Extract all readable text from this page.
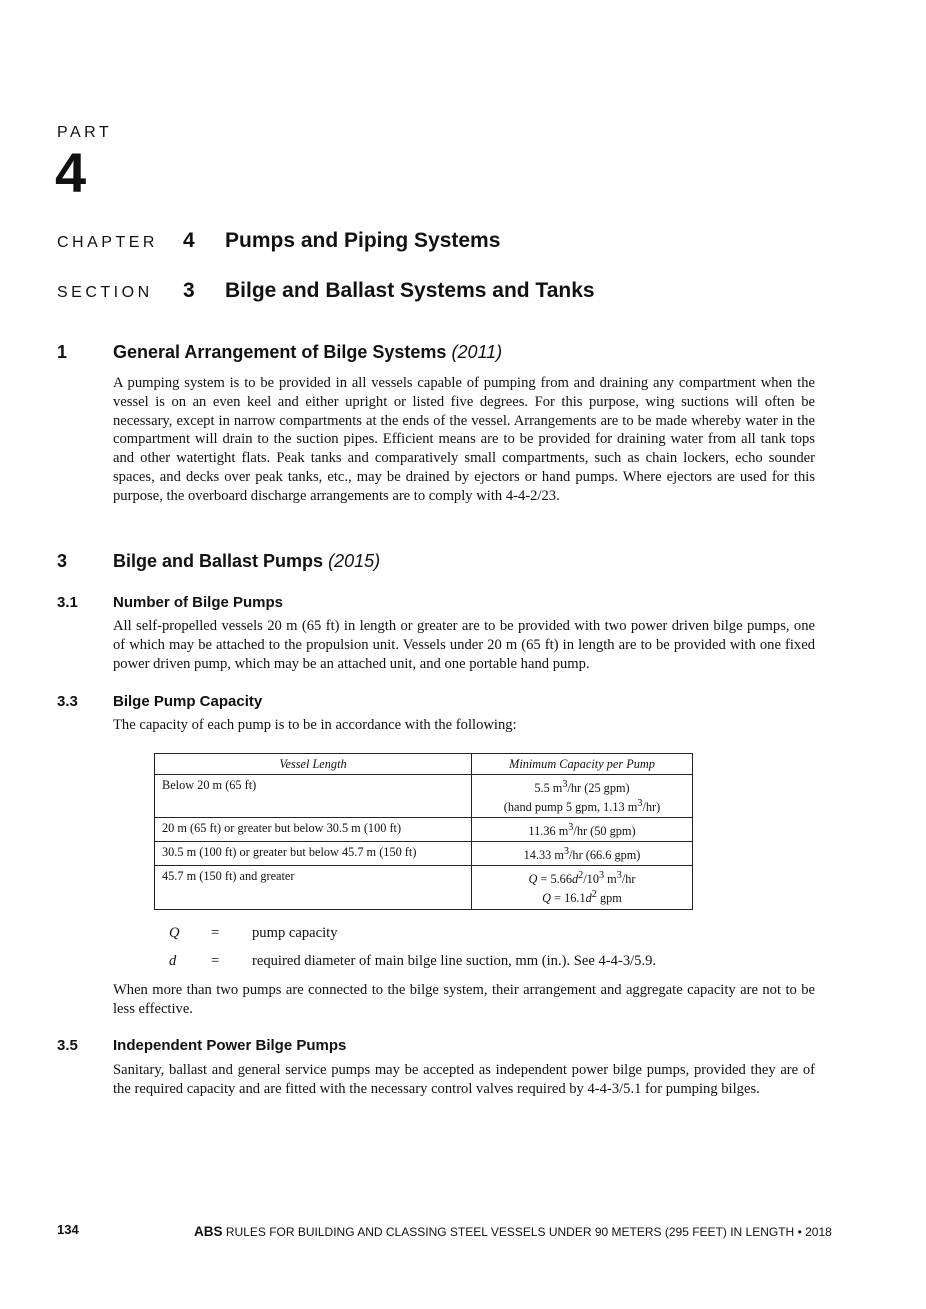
PART
4
CHAPTER 4 Pumps and Piping Systems
SECTION 3 Bilge and Ballast Systems and Tanks
1	General Arrangement of Bilge Systems (2011)
A pumping system is to be provided in all vessels capable of pumping from and draining any compartment when the vessel is on an even keel and either upright or listed five degrees. For this purpose, wing suctions will often be necessary, except in narrow compartments at the ends of the vessel. Arrangements are to be made whereby water in the compartment will drain to the suction pipes. Efficient means are to be provided for draining water from all tank tops and other watertight flats. Peak tanks and comparatively small compartments, such as chain lockers, echo sounder spaces, and decks over peak tanks, etc., may be drained by ejectors or hand pumps. Where ejectors are used for this purpose, the overboard discharge arrangements are to comply with 4-4-2/23.
3	Bilge and Ballast Pumps (2015)
3.1 Number of Bilge Pumps
All self-propelled vessels 20 m (65 ft) in length or greater are to be provided with two power driven bilge pumps, one of which may be attached to the propulsion unit. Vessels under 20 m (65 ft) in length are to be provided with one fixed power driven pump, which may be an attached unit, and one portable hand pump.
3.3 Bilge Pump Capacity
The capacity of each pump is to be in accordance with the following:
Vessel Length	Minimum Capacity per Pump
Below 20 m (65 ft)	5.5 $m^3/hr$ (25 gpm)
(hand pump 5 gpm, 1.13 $m^3/hr$)
20 m (65 ft) or greater but below 30.5 m (100 ft)	11.36 $m^3/hr$ (50 gpm)
30.5 m (100 ft) or greater but below 45.7 m (150 ft)	14.33 $m^3/hr$ (66.6 gpm)
45.7 m (150 ft) and greater	$Q = 5.66d^2/10^3$ $m^3/hr$
$Q = 16.1d^2$ gpm
Q = pump capacity
d = required diameter of main bilge line suction, mm (in.). See 4-4-3/5.9.
When more than two pumps are connected to the bilge system, their arrangement and aggregate capacity are not to be less effective.
3.5 Independent Power Bilge Pumps
Sanitary, ballast and general service pumps may be accepted as independent power bilge pumps, provided they are of the required capacity and are fitted with the necessary control valves required by 4-4-3/5.1 for pumping bilges.
134	ABS RULES FOR BUILDING AND CLASSING STEEL VESSELS UNDER 90 METERS (295 FEET) IN LENGTH • 2018
